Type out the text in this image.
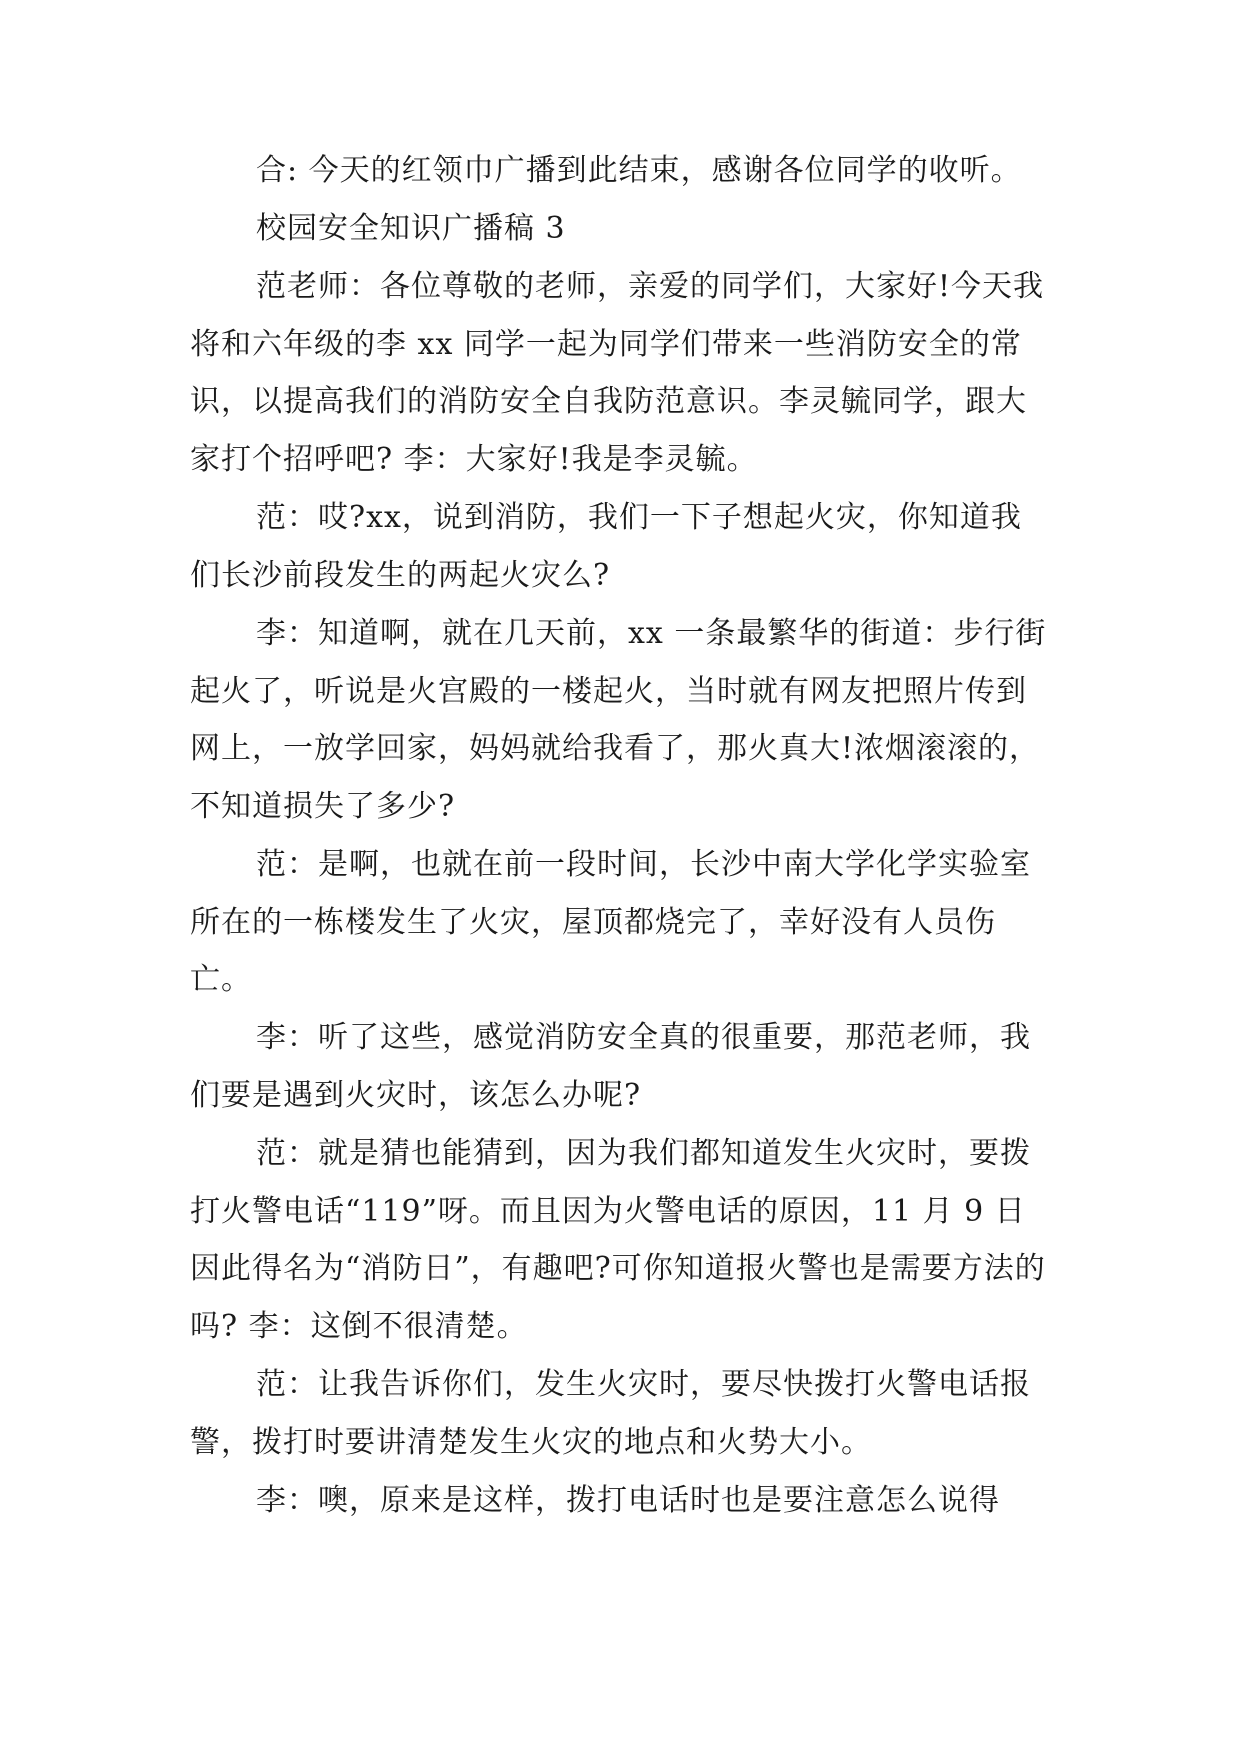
合: 今天的红领巾广播到此结束，感谢各位同学的收听。

校园安全知识广播稿 3

范老师：各位尊敬的老师，亲爱的同学们，大家好!今天我将和六年级的李 xx 同学一起为同学们带来一些消防安全的常识，以提高我们的消防安全自我防范意识。李灵毓同学，跟大家打个招呼吧? 李：大家好!我是李灵毓。

范：哎?xx，说到消防，我们一下子想起火灾，你知道我们长沙前段发生的两起火灾么?

李：知道啊，就在几天前，xx 一条最繁华的街道：步行街起火了，听说是火宫殿的一楼起火，当时就有网友把照片传到网上，一放学回家，妈妈就给我看了，那火真大!浓烟滚滚的，不知道损失了多少?

范：是啊，也就在前一段时间，长沙中南大学化学实验室所在的一栋楼发生了火灾，屋顶都烧完了，幸好没有人员伤亡。

李：听了这些，感觉消防安全真的很重要，那范老师，我们要是遇到火灾时，该怎么办呢?

范：就是猜也能猜到，因为我们都知道发生火灾时，要拨打火警电话“119”呀。而且因为火警电话的原因，11 月 9 日因此得名为“消防日”，有趣吧?可你知道报火警也是需要方法的吗? 李：这倒不很清楚。

范：让我告诉你们，发生火灾时，要尽快拨打火警电话报警，拨打时要讲清楚发生火灾的地点和火势大小。

李：噢，原来是这样，拨打电话时也是要注意怎么说得
